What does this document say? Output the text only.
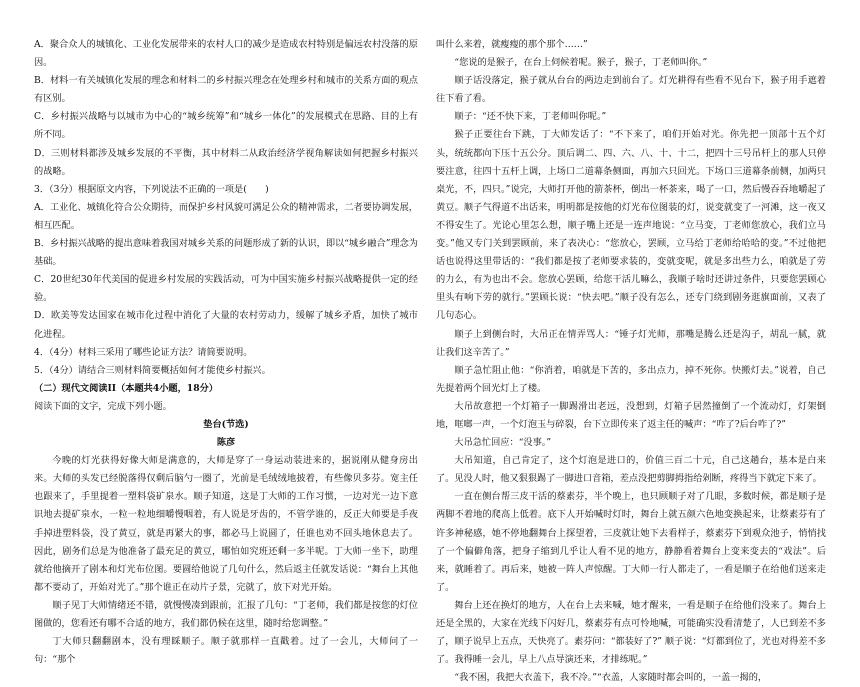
A．聚合众人的城镇化、工业化发展带来的农村人口的减少是造成农村特别是偏远农村没落的原因。

B．材料一有关城镇化发展的理念和材料二的乡村振兴理念在处理乡村和城市的关系方面的观点有区别。

C．乡村振兴战略与以城市为中心的“城乡统筹”和“城乡一体化”的发展模式在思路、目的上有所不同。

D．三则材料都涉及城乡发展的不平衡，其中材料二从政治经济学视角解读如何把握乡村振兴的战略。

3．（3分）根据原文内容，下列说法不正确的一项是(　　)

A．工业化、城镇化符合公众期待，而保护乡村风貌可满足公众的精神需求，二者要协调发展，相互匹配。

B．乡村振兴战略的提出意味着我国对城乡关系的问题形成了新的认识，即以“城乡融合”理念为基础。

C．20世纪30年代美国的促进乡村发展的实践活动，可为中国实施乡村振兴战略提供一定的经验。

D．欧美等发达国家在城市化过程中消化了大量的农村劳动力，缓解了城乡矛盾，加快了城市化进程。

4．（4分）材料三采用了哪些论证方法？请简要说明。

5．（4分）请结合三则材料简要概括如何才能使乡村振兴。

（二）现代文阅读II（本题共4小题，18分）

阅读下面的文字，完成下列小题。

垫台(节选)

陈彦

今晚的灯光获得好像大师是满意的，大师是穿了一身运动装进来的，据说刚从健身房出来。大师的头发已经脱落得仅剩后脑勺一圈了，光前是毛绒绒地披着，有些像贝多芬。宽主任也跟来了，手里提着一塑料袋矿泉水。顺子知道，这是丁大师的工作习惯，一边对光一边下意识地去提矿泉水，一粒一粒地细嚼慢咽着，有人说是牙齿的，不管学谁的，反正大师要是手夜手掉进塑料袋，没了黄豆，就是再紧大的事，都必马上说圆了，任谁也劝不回头地休息去了。因此，剧务们总是为他准备了最充足的黄豆，哪怕如究班还剩一多半呢。丁大师一坐下，助理就给他摘开了剧本和灯光布位图。要圆给他说了几句什么，然后返主任就发话说：“舞台上其他都不要动了，开始对光了。”那个谁正在动片子景，完就了，放下对光开始。

顺子见丁大师情绪还不错，就慢慢凑到跟前，汇报了几句：“丁老师，我们都是按您的灯位图做的，您看还有哪不合适的地方，我们都仍候在这里，随时给您调整。”

丁大师只翻翻剧本，没有理睬顺子。顺子就那样一直戳着。过了一会儿，大师问了一句：“那个

叫什么来着，就瘦瘦的那个那个……”

“您说的是猴子，在台上伺候着呢。猴子，猴子，丁老师叫你。”

顺子话没落定，猴子就从台台的两边走到前台了。灯光耕得有些看不见台下，猴子用手遮着往下看了看。

顺子：“还不快下来，丁老师叫你呢。”

猴子正要往台下跳，丁大师发话了：“不下来了，咱们开始对光。你先把一顶部十五个灯头，统统都向下压十五公分。顶后调二、四、六、八、十、十二，把四十三号吊杆上的那人只停要注意，往四十五杆上调，上场口二道幕条侧面，再加六只回光。下场口三道幕条前侧，加两只桌光，不，四只。”说完，大师打开他的箭茶杯，倒出一杯茶来，喝了一口，然后慢吞吞地嚼起了黄豆。顺子气得道不出话来，明明都是按他的灯光布位图装的灯，说变就变了一河滩，这一夜又不得安生了。光论心里怎么想，顺子嘴上还是一连声地说：“立马变，丁老师您放心，我们立马变。”他又专门关到罢顾前，来了表决心：“您放心，罢顾，立马给丁老师给哈哈的变。”不过他把话也说得这里带话的：“我们都是按了老师要求装的，变就变呢，就是多出些力么，咱就是了劳的力么，有为也出不会。您放心罢顾，给您干活儿嘛么，我顺子啥时还讲过条件，只要您罢顾心里头有响下劳的就行。”罢顾长说：“快去吧。”顺子没有怎么，还专门绕到剧务逛旗面前，又表了几句态心。

顺子上到侧台时，大吊正在情弄骂人：“锤子灯光师，那嘴是腾么还是沟子，胡乱一腻，就让我们这辛苦了。”

顺子急忙阻止他：“你消着，咱就是下苦的，多出点力，掉不死你。快搬灯去。”说着，自己先提着两个回光灯上了楼。

大吊故意把一个灯箱子一脚踢滑出老远，没想到，灯箱子居然撞倒了一个流动灯，灯架倒地，哐啷一声，一个灯泡玉与碎裂，台下立即传来了返主任的喊声：“咋了?后台咋了?”

大吊急忙回应：“没事。”

大吊知道，自己肯定了，这个灯泡是进口的，价值三百二十元，自己这趟台，基本是白来了。见没人时，他又狠狠踢了一脚进口音箱，差点没把剪脚拇指给剁断，疼得当下就定下来了。

一直在侧台帮三皮干活的蔡素芬，半个晚上，也只顾顺子对了几眼，多数时候，都是顺子是两脚不着地的爬高上低着。底下人开始喊时灯时，舞台上就五颜六色地变换起来，让蔡素芬有了许多神秘感，她不停地翻舞台上探望着，三皮就让她下去看样子，蔡素芬下到观众池子，悄悄找了一个偏僻角落，把身子缩到几乎让人看不见的地方，静静看着舞台上变来变去的“戏法”。后来，就睡着了。再后来，她被一阵人声惊醒。丁大师一行人都走了，一看是顺子在给他们送来走了。

舞台上还在换灯的地方，人在台上去来喊，她才醒来，一看是顺子在给他们没来了。舞台上还是全黑的，大家在光线下闪好几，蔡素芬有点可怜地喊，可能确实没看清楚了，人已到差不多了，顺子说早上五点，天快亮了。素芬问：“都装好了?” 顺子说：“灯都到位了，光也对得差不多了。我得睡一会儿，早上八点导演还来，才排练呢。”

“我不困，我把大衣盖下，我不冷。”“衣盖，人家随时都会叫的，一盖一揭的，
